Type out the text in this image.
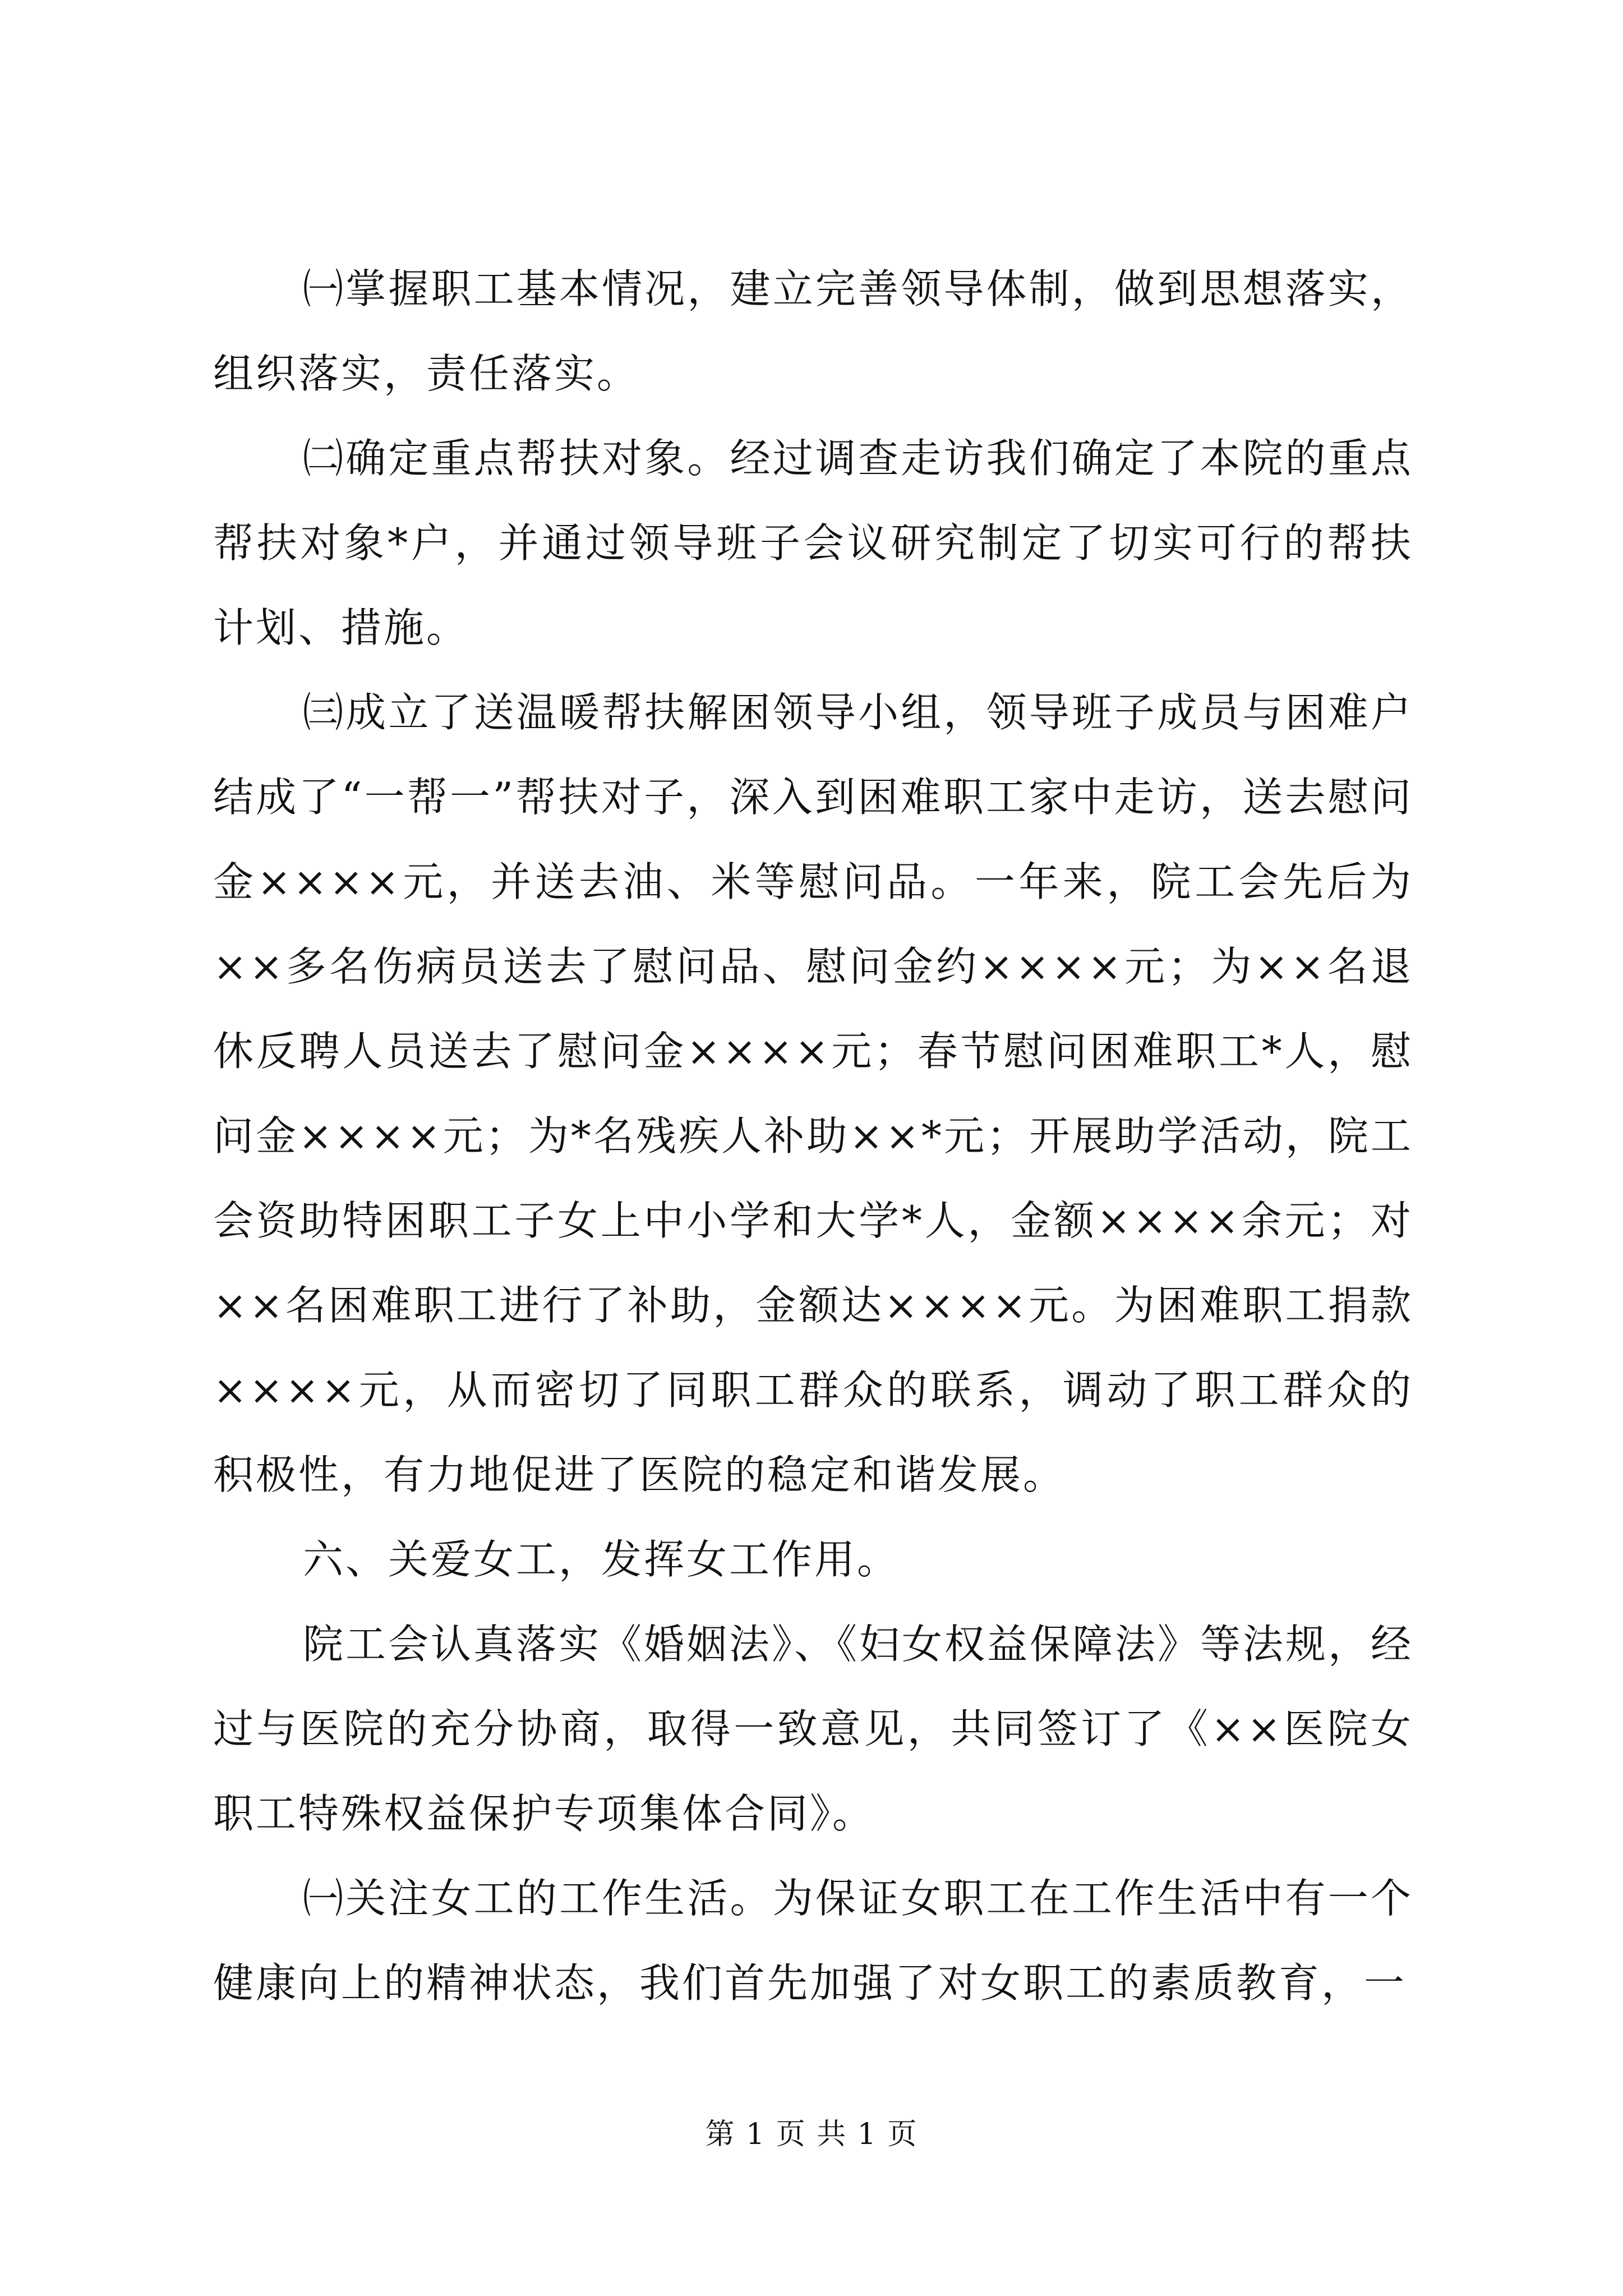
㈠掌握职工基本情况，建立完善领导体制，做到思想落实，组织落实，责任落实。

㈡确定重点帮扶对象。经过调查走访我们确定了本院的重点帮扶对象*户，并通过领导班子会议研究制定了切实可行的帮扶计划、措施。

㈢成立了送温暖帮扶解困领导小组，领导班子成员与困难户结成了“一帮一”帮扶对子，深入到困难职工家中走访，送去慰问金××××元，并送去油、米等慰问品。一年来，院工会先后为××多名伤病员送去了慰问品、慰问金约××××元；为××名退休反聘人员送去了慰问金××××元；春节慰问困难职工*人，慰问金××××元；为*名残疾人补助××*元；开展助学活动，院工会资助特困职工子女上中小学和大学*人，金额××××余元；对××名困难职工进行了补助，金额达××××元。为困难职工捐款××××元，从而密切了同职工群众的联系，调动了职工群众的积极性，有力地促进了医院的稳定和谐发展。

六、关爱女工，发挥女工作用。

院工会认真落实《婚姻法》、《妇女权益保障法》等法规，经过与医院的充分协商，取得一致意见，共同签订了《××医院女职工特殊权益保护专项集体合同》。

㈠关注女工的工作生活。为保证女职工在工作生活中有一个健康向上的精神状态，我们首先加强了对女职工的素质教育，一

第 1 页 共 1 页
